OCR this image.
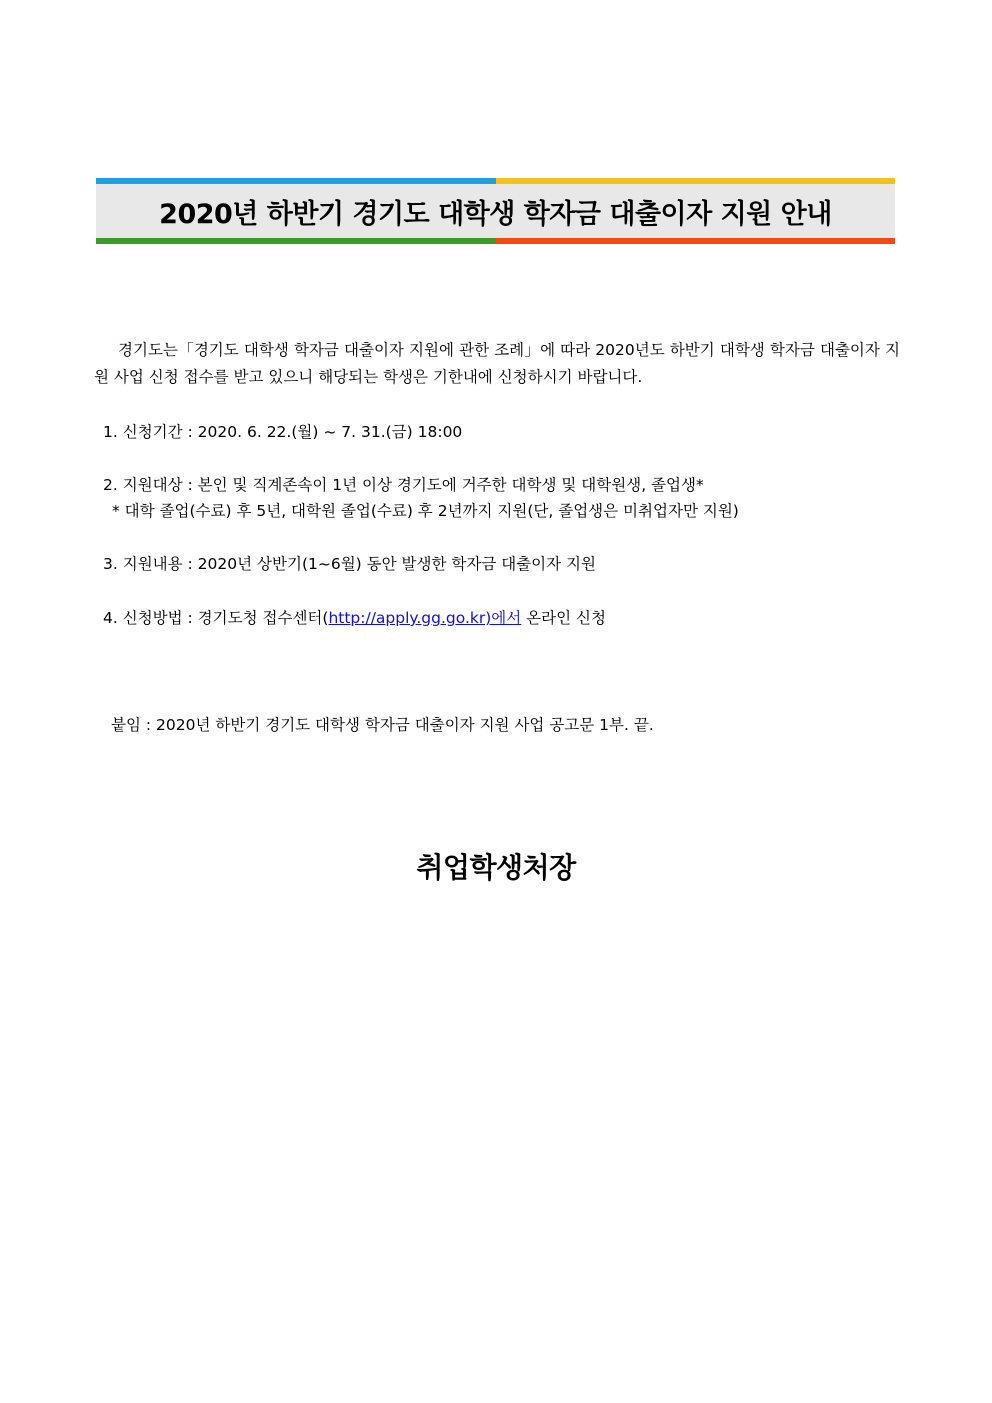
2020년 하반기 경기도 대학생 학자금 대출이자 지원 안내
경기도는「경기도 대학생 학자금 대출이자 지원에 관한 조례」에 따라 2020년도 하반기 대학생 학자금 대출이자 지원 사업 신청 접수를 받고 있으니 해당되는 학생은 기한내에 신청하시기 바랍니다.
1. 신청기간 : 2020. 6. 22.(월) ~ 7. 31.(금) 18:00
2. 지원대상 : 본인 및 직계존속이 1년 이상 경기도에 거주한 대학생 및 대학원생, 졸업생*
* 대학 졸업(수료) 후 5년, 대학원 졸업(수료) 후 2년까지 지원(단, 졸업생은 미취업자만 지원)
3. 지원내용 : 2020년 상반기(1~6월) 동안 발생한 학자금 대출이자 지원
4. 신청방법 : 경기도청 접수센터(http://apply.gg.go.kr)에서 온라인 신청
붙임 : 2020년 하반기 경기도 대학생 학자금 대출이자 지원 사업 공고문 1부. 끝.
취업학생처장
